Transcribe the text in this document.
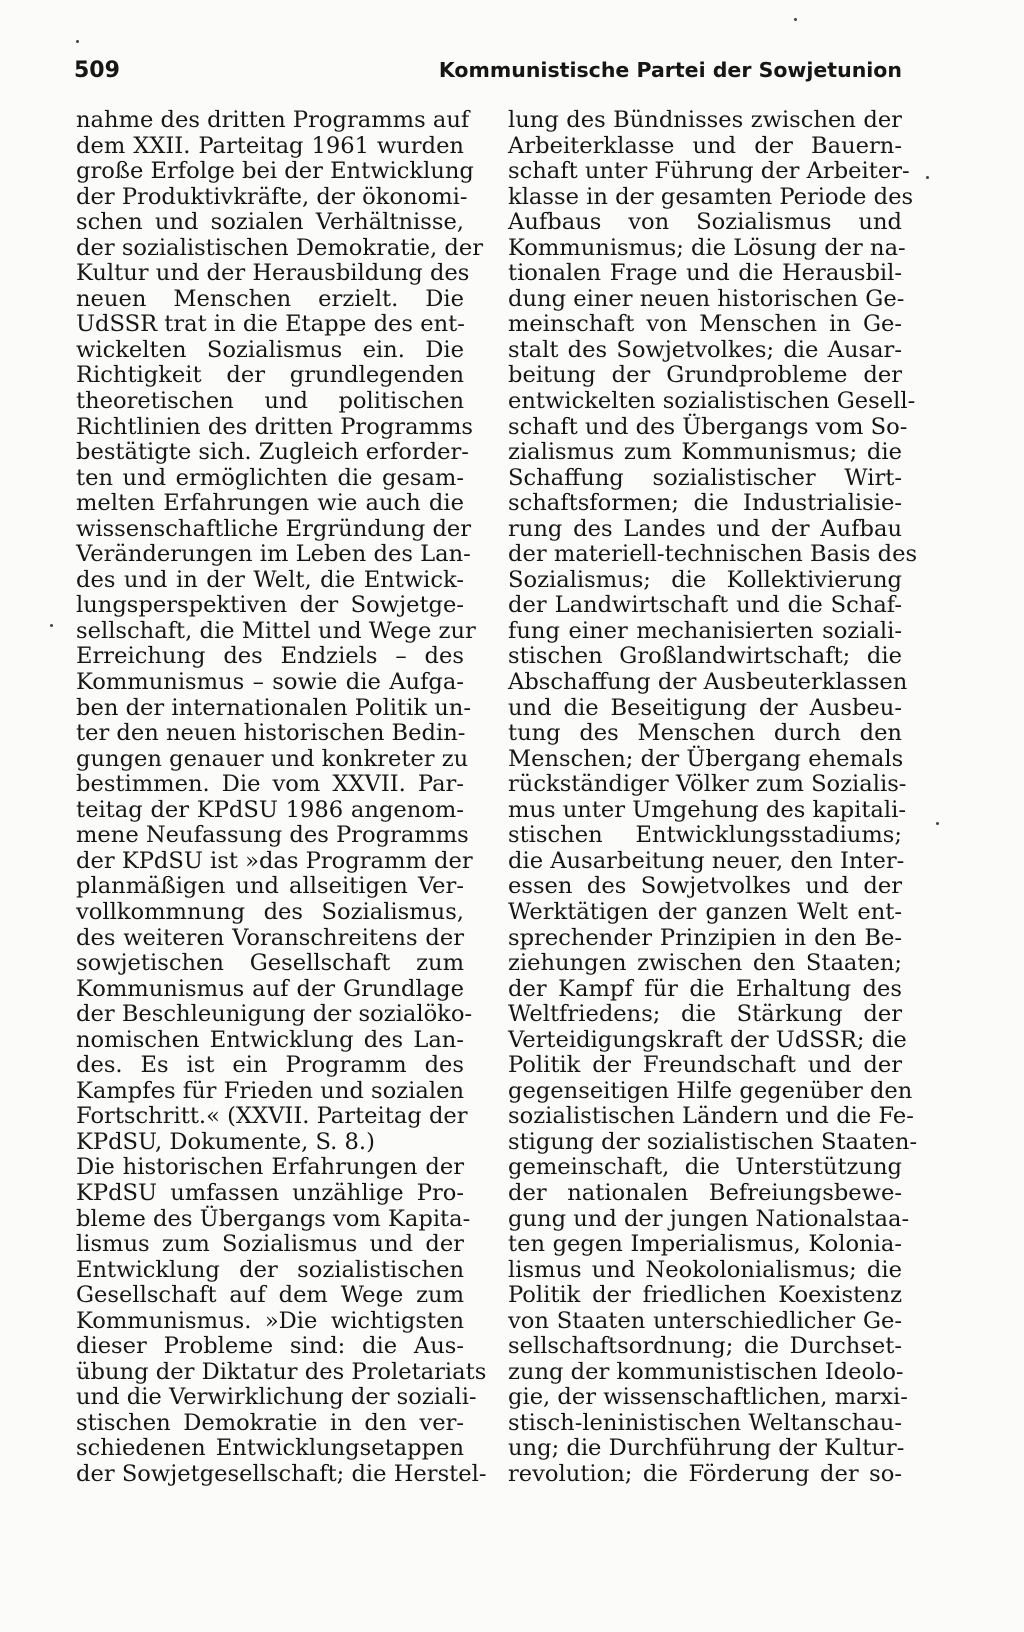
509	Kommunistische Partei der Sowjetunion
nahme des dritten Programms auf
dem XXII. Parteitag 1961 wurden
große Erfolge bei der Entwicklung
der Produktivkräfte, der ökonomi-
schen und sozialen Verhältnisse,
der sozialistischen Demokratie, der
Kultur und der Herausbildung des
neuen Menschen erzielt. Die
UdSSR trat in die Etappe des ent-
wickelten Sozialismus ein. Die
Richtigkeit der grundlegenden
theoretischen und politischen
Richtlinien des dritten Programms
bestätigte sich. Zugleich erforder-
ten und ermöglichten die gesam-
melten Erfahrungen wie auch die
wissenschaftliche Ergründung der
Veränderungen im Leben des Lan-
des und in der Welt, die Entwick-
lungsperspektiven der Sowjetge-
sellschaft, die Mittel und Wege zur
Erreichung des Endziels – des
Kommunismus – sowie die Aufga-
ben der internationalen Politik un-
ter den neuen historischen Bedin-
gungen genauer und konkreter zu
bestimmen. Die vom XXVII. Par-
teitag der KPdSU 1986 angenom-
mene Neufassung des Programms
der KPdSU ist »das Programm der
planmäßigen und allseitigen Ver-
vollkommnung des Sozialismus,
des weiteren Voranschreitens der
sowjetischen Gesellschaft zum
Kommunismus auf der Grundlage
der Beschleunigung der sozialöko-
nomischen Entwicklung des Lan-
des. Es ist ein Programm des
Kampfes für Frieden und sozialen
Fortschritt.« (XXVII. Parteitag der
KPdSU, Dokumente, S. 8.)
Die historischen Erfahrungen der
KPdSU umfassen unzählige Pro-
bleme des Übergangs vom Kapita-
lismus zum Sozialismus und der
Entwicklung der sozialistischen
Gesellschaft auf dem Wege zum
Kommunismus. »Die wichtigsten
dieser Probleme sind: die Aus-
übung der Diktatur des Proletariats
und die Verwirklichung der soziali-
stischen Demokratie in den ver-
schiedenen Entwicklungsetappen
der Sowjetgesellschaft; die Herstel-
lung des Bündnisses zwischen der
Arbeiterklasse und der Bauern-
schaft unter Führung der Arbeiter-
klasse in der gesamten Periode des
Aufbaus von Sozialismus und
Kommunismus; die Lösung der na-
tionalen Frage und die Herausbil-
dung einer neuen historischen Ge-
meinschaft von Menschen in Ge-
stalt des Sowjetvolkes; die Ausar-
beitung der Grundprobleme der
entwickelten sozialistischen Gesell-
schaft und des Übergangs vom So-
zialismus zum Kommunismus; die
Schaffung sozialistischer Wirt-
schaftsformen; die Industrialisie-
rung des Landes und der Aufbau
der materiell-technischen Basis des
Sozialismus; die Kollektivierung
der Landwirtschaft und die Schaf-
fung einer mechanisierten soziali-
stischen Großlandwirtschaft; die
Abschaffung der Ausbeuterklassen
und die Beseitigung der Ausbeu-
tung des Menschen durch den
Menschen; der Übergang ehemals
rückständiger Völker zum Sozialis-
mus unter Umgehung des kapitali-
stischen Entwicklungsstadiums;
die Ausarbeitung neuer, den Inter-
essen des Sowjetvolkes und der
Werktätigen der ganzen Welt ent-
sprechender Prinzipien in den Be-
ziehungen zwischen den Staaten;
der Kampf für die Erhaltung des
Weltfriedens; die Stärkung der
Verteidigungskraft der UdSSR; die
Politik der Freundschaft und der
gegenseitigen Hilfe gegenüber den
sozialistischen Ländern und die Fe-
stigung der sozialistischen Staaten-
gemeinschaft, die Unterstützung
der nationalen Befreiungsbewe-
gung und der jungen Nationalstaa-
ten gegen Imperialismus, Kolonia-
lismus und Neokolonialismus; die
Politik der friedlichen Koexistenz
von Staaten unterschiedlicher Ge-
sellschaftsordnung; die Durchset-
zung der kommunistischen Ideolo-
gie, der wissenschaftlichen, marxi-
stisch-leninistischen Weltanschau-
ung; die Durchführung der Kultur-
revolution; die Förderung der so-
